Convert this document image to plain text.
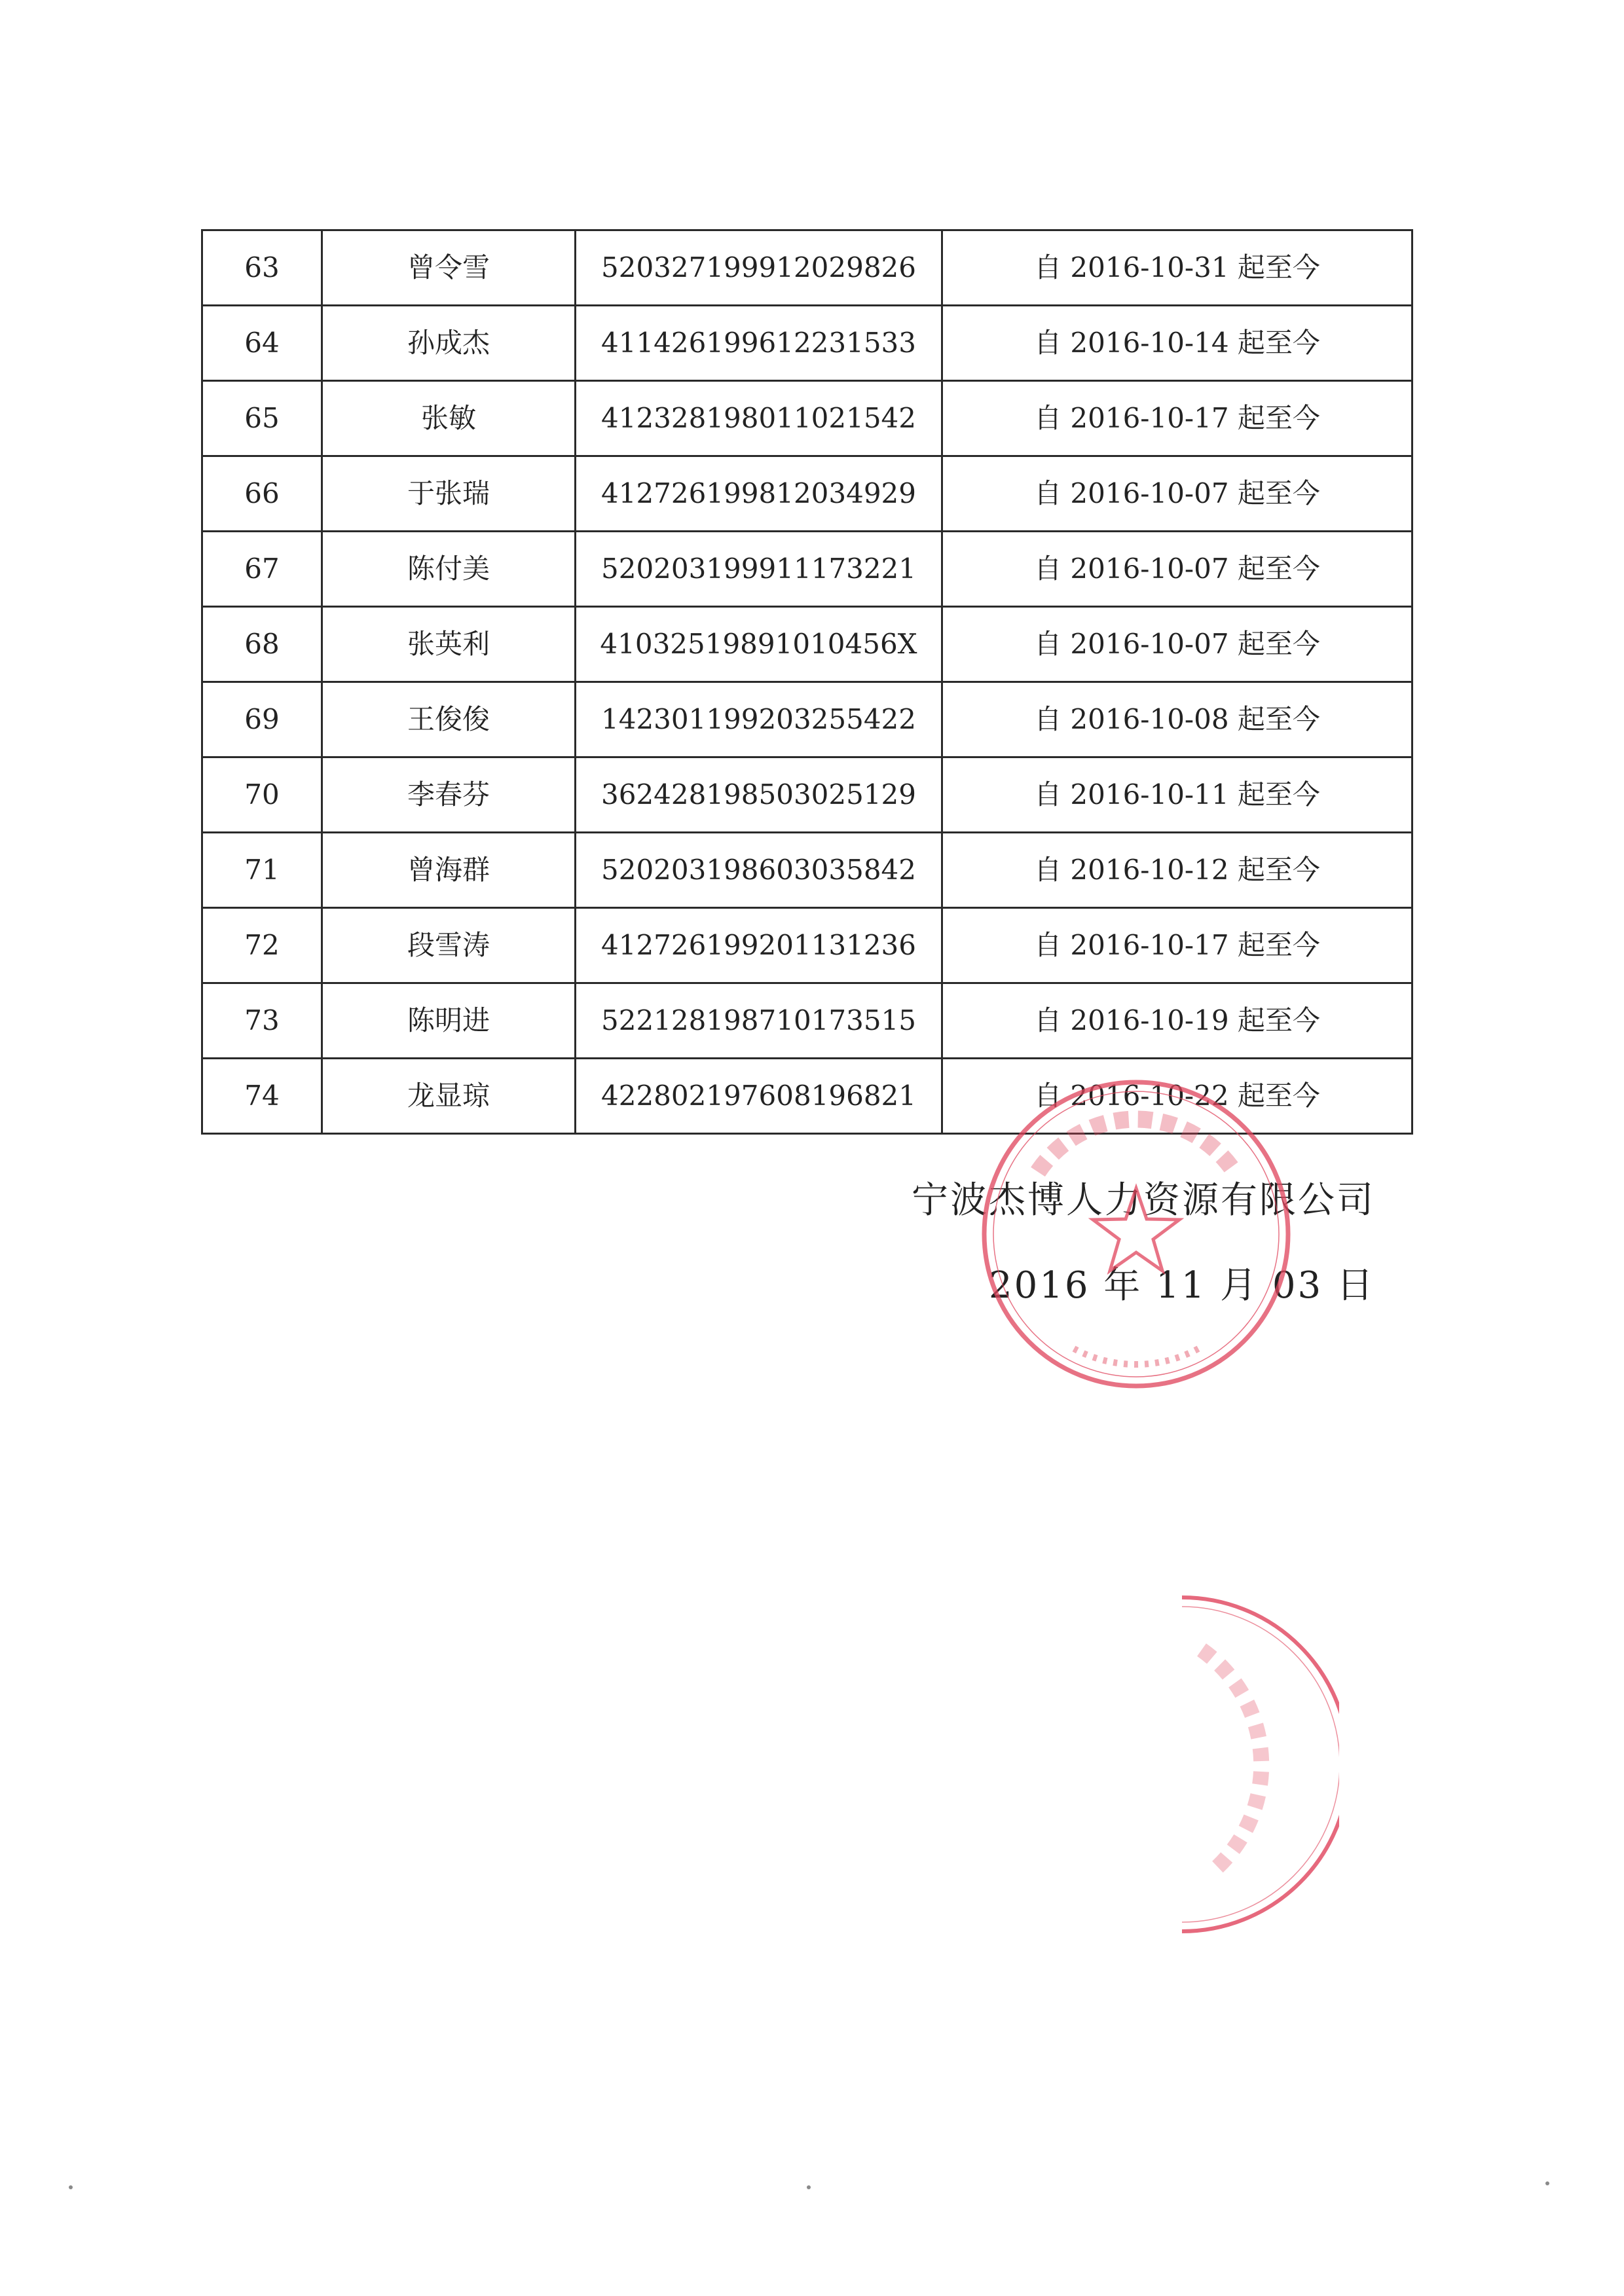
63	曾令雪	520327199912029826	自 2016-10-31 起至今
64	孙成杰	411426199612231533	自 2016-10-14 起至今
65	张敏	412328198011021542	自 2016-10-17 起至今
66	于张瑞	412726199812034929	自 2016-10-07 起至今
67	陈付美	520203199911173221	自 2016-10-07 起至今
68	张英利	41032519891010456X	自 2016-10-07 起至今
69	王俊俊	142301199203255422	自 2016-10-08 起至今
70	李春芬	362428198503025129	自 2016-10-11 起至今
71	曾海群	520203198603035842	自 2016-10-12 起至今
72	段雪涛	412726199201131236	自 2016-10-17 起至今
73	陈明进	522128198710173515	自 2016-10-19 起至今
74	龙显琼	422802197608196821	自 2016-10-22 起至今
宁波杰博人力资源有限公司
2016 年 11 月 03 日
